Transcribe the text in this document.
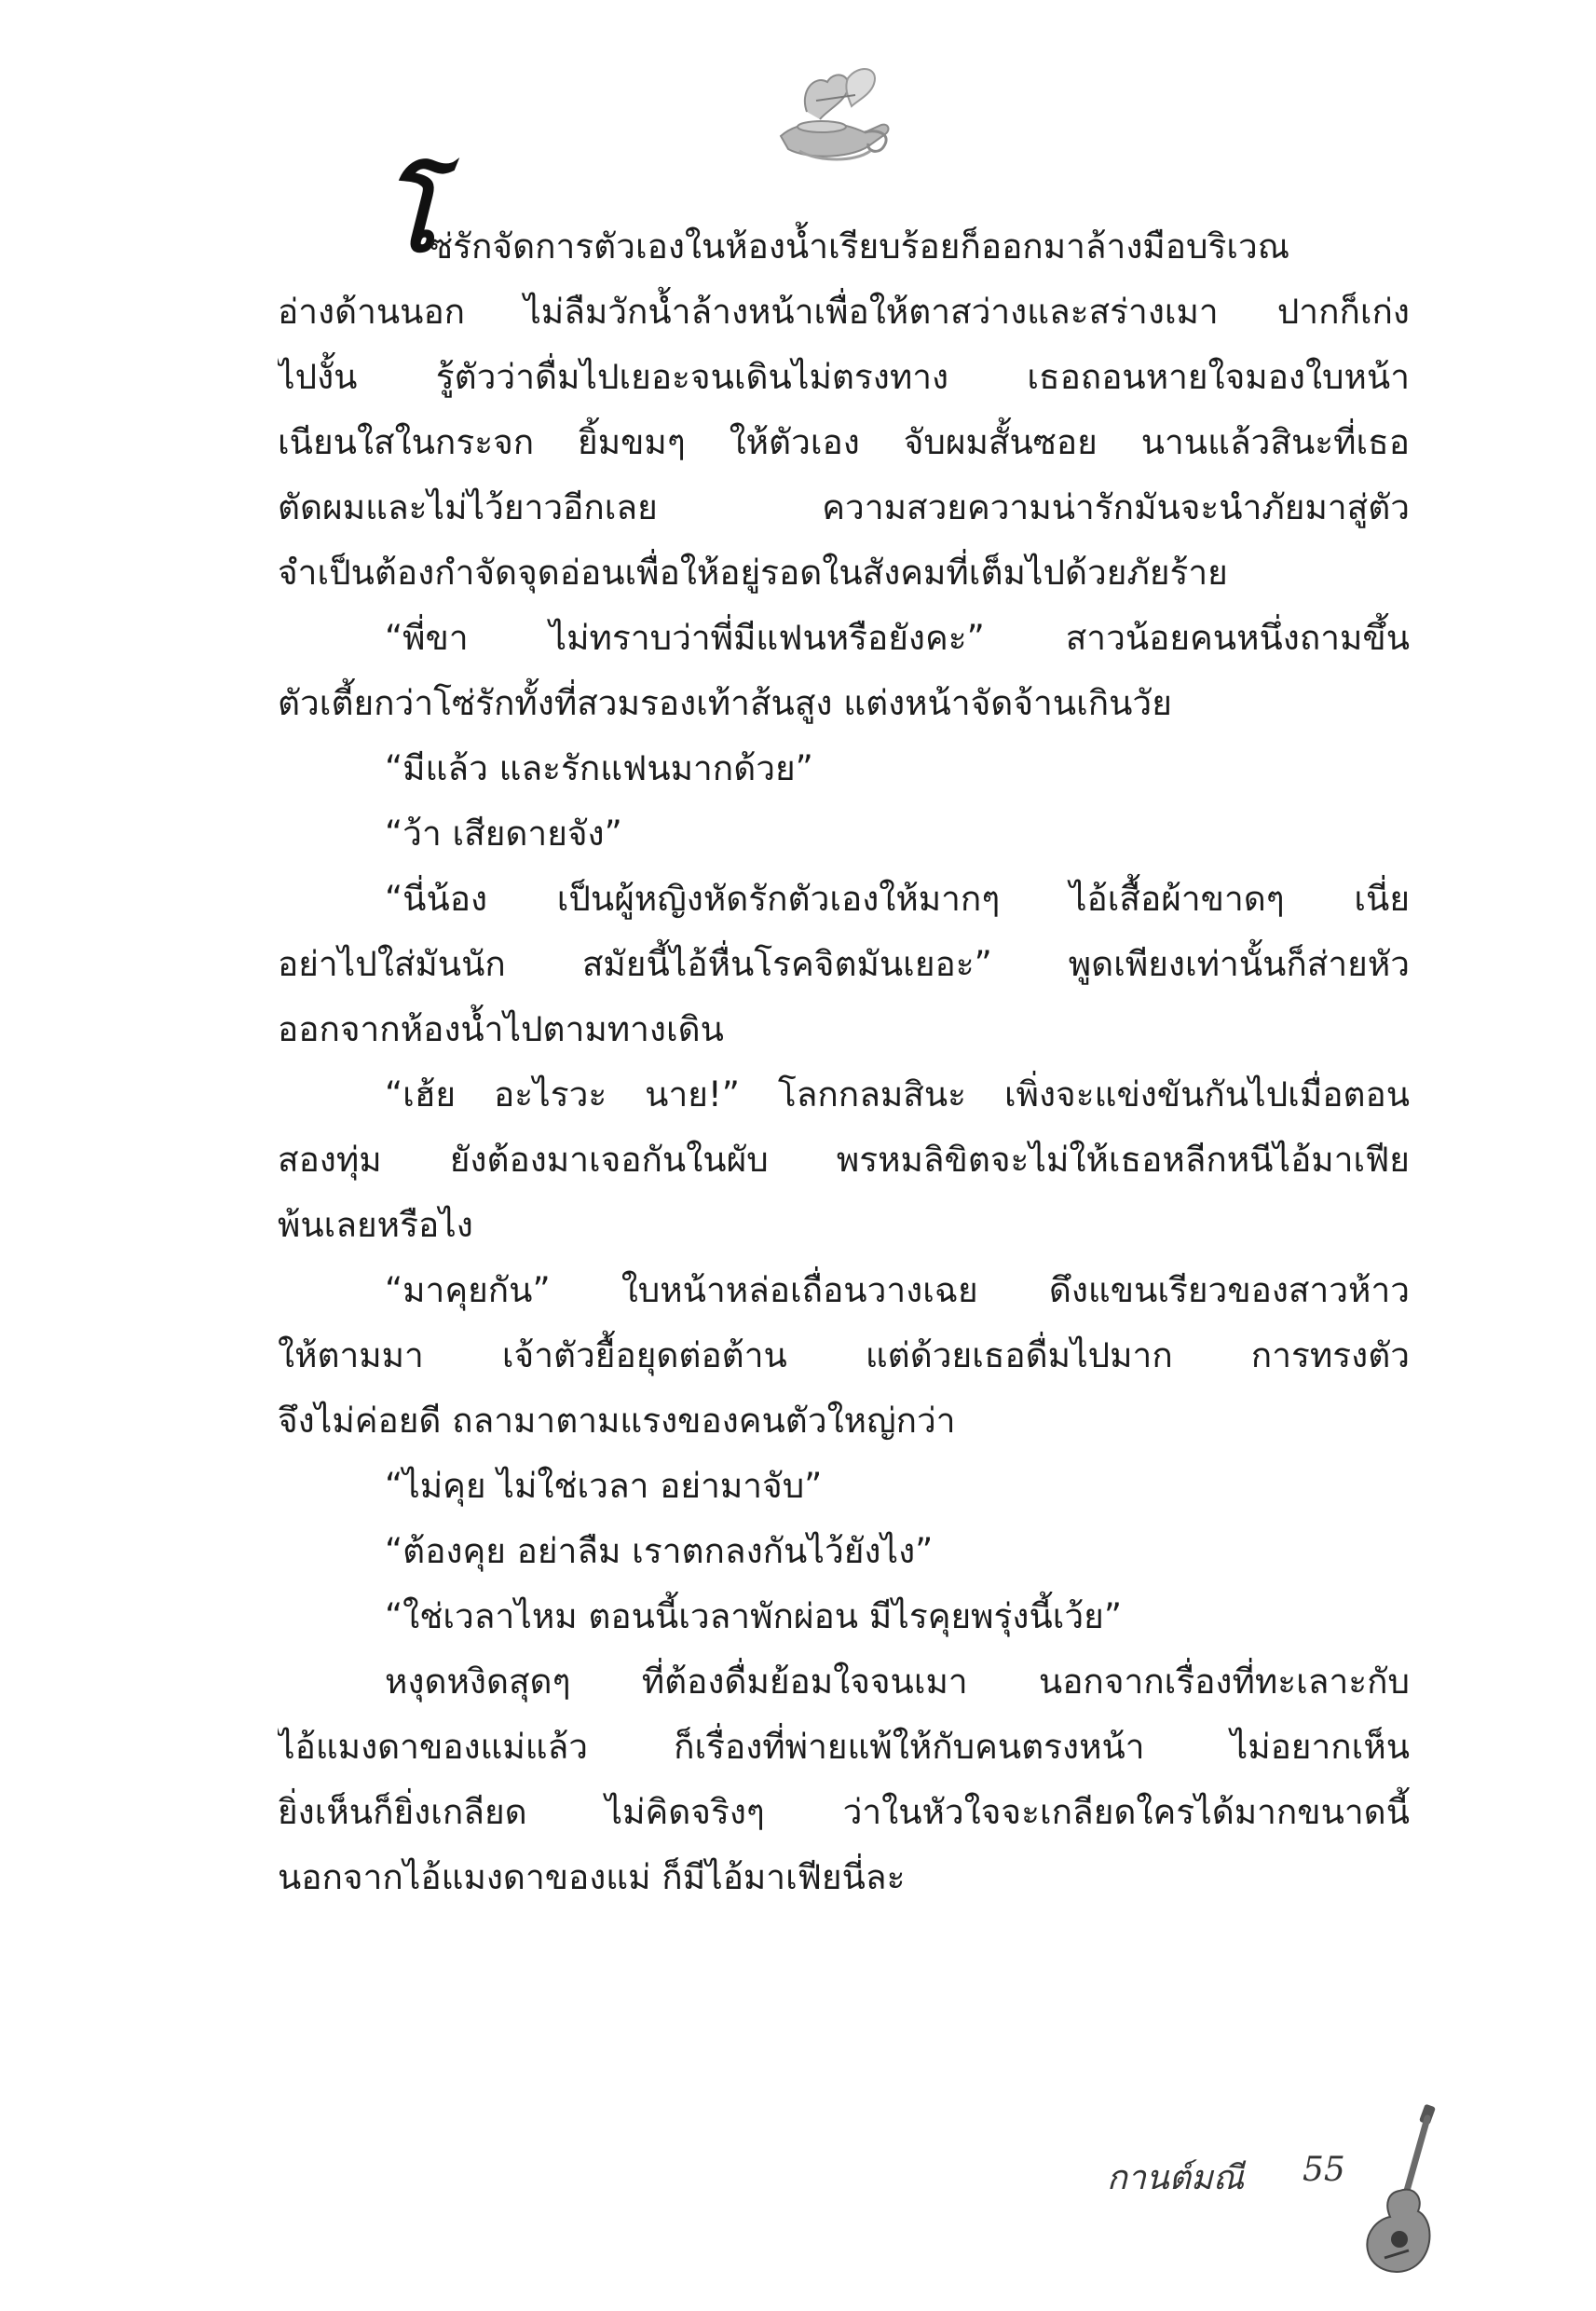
โ
ซ่รักจัดการตัวเองในห้องน้ำเรียบร้อยก็ออกมาล้างมือบริเวณ
อ่างด้านนอก ไม่ลืมวักน้ำล้างหน้าเพื่อให้ตาสว่างและสร่างเมา ปากก็เก่ง
ไปงั้น รู้ตัวว่าดื่มไปเยอะจนเดินไม่ตรงทาง เธอถอนหายใจมองใบหน้า
เนียนใสในกระจก ยิ้มขมๆ ให้ตัวเอง จับผมสั้นซอย นานแล้วสินะที่เธอ
ตัดผมและไม่ไว้ยาวอีกเลย ความสวยความน่ารักมันจะนำภัยมาสู่ตัว
จำเป็นต้องกำจัดจุดอ่อนเพื่อให้อยู่รอดในสังคมที่เต็มไปด้วยภัยร้าย
“พี่ขา ไม่ทราบว่าพี่มีแฟนหรือยังคะ” สาวน้อยคนหนึ่งถามขึ้น
ตัวเตี้ยกว่าโซ่รักทั้งที่สวมรองเท้าส้นสูง แต่งหน้าจัดจ้านเกินวัย
“มีแล้ว และรักแฟนมากด้วย”
“ว้า เสียดายจัง”
“นี่น้อง เป็นผู้หญิงหัดรักตัวเองให้มากๆ ไอ้เสื้อผ้าขาดๆ เนี่ย
อย่าไปใส่มันนัก สมัยนี้ไอ้หื่นโรคจิตมันเยอะ” พูดเพียงเท่านั้นก็ส่ายหัว
ออกจากห้องน้ำไปตามทางเดิน
“เฮ้ย อะไรวะ นาย!” โลกกลมสินะ เพิ่งจะแข่งขันกันไปเมื่อตอน
สองทุ่ม ยังต้องมาเจอกันในผับ พรหมลิขิตจะไม่ให้เธอหลีกหนีไอ้มาเฟีย
พ้นเลยหรือไง
“มาคุยกัน” ใบหน้าหล่อเถื่อนวางเฉย ดึงแขนเรียวของสาวห้าว
ให้ตามมา เจ้าตัวยื้อยุดต่อต้าน แต่ด้วยเธอดื่มไปมาก การทรงตัว
จึงไม่ค่อยดี ถลามาตามแรงของคนตัวใหญ่กว่า
“ไม่คุย ไม่ใช่เวลา อย่ามาจับ”
“ต้องคุย อย่าลืม เราตกลงกันไว้ยังไง”
“ใช่เวลาไหม ตอนนี้เวลาพักผ่อน มีไรคุยพรุ่งนี้เว้ย”
หงุดหงิดสุดๆ ที่ต้องดื่มย้อมใจจนเมา นอกจากเรื่องที่ทะเลาะกับ
ไอ้แมงดาของแม่แล้ว ก็เรื่องที่พ่ายแพ้ให้กับคนตรงหน้า ไม่อยากเห็น
ยิ่งเห็นก็ยิ่งเกลียด ไม่คิดจริงๆ ว่าในหัวใจจะเกลียดใครได้มากขนาดนี้
นอกจากไอ้แมงดาของแม่ ก็มีไอ้มาเฟียนี่ละ
กานต์มณี 55
